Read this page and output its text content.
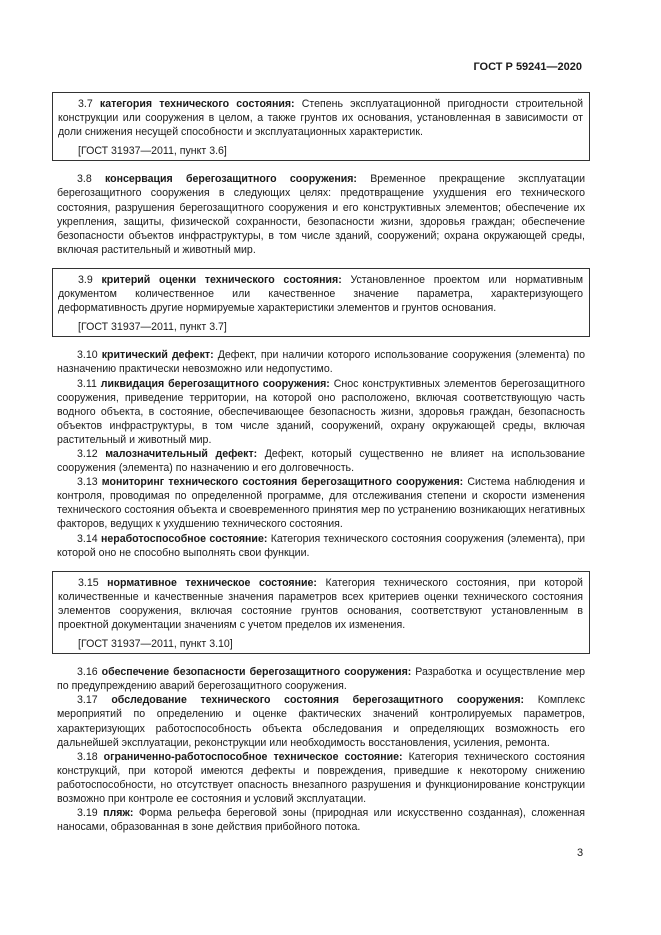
ГОСТ Р 59241—2020

3.7 категория технического состояния: Степень эксплуатационной пригодности строительной конструкции или сооружения в целом, а также грунтов их основания, установленная в зависимости от доли снижения несущей способности и эксплуатационных характеристик.

[ГОСТ 31937—2011, пункт 3.6]

3.8 консервация берегозащитного сооружения: Временное прекращение эксплуатации берегозащитного сооружения в следующих целях: предотвращение ухудшения его технического состояния, разрушения берегозащитного сооружения и его конструктивных элементов; обеспечение их укрепления, защиты, физической сохранности, безопасности жизни, здоровья граждан; обеспечение безопасности объектов инфраструктуры, в том числе зданий, сооружений; охрана окружающей среды, включая растительный и животный мир.

3.9 критерий оценки технического состояния: Установленное проектом или нормативным документом количественное или качественное значение параметра, характеризующего деформативность другие нормируемые характеристики элементов и грунтов основания.

[ГОСТ 31937—2011, пункт 3.7]

3.10 критический дефект: Дефект, при наличии которого использование сооружения (элемента) по назначению практически невозможно или недопустимо.

3.11 ликвидация берегозащитного сооружения: Снос конструктивных элементов берегозащитного сооружения, приведение территории, на которой оно расположено, включая соответствующую часть водного объекта, в состояние, обеспечивающее безопасность жизни, здоровья граждан, безопасность объектов инфраструктуры, в том числе зданий, сооружений, охрану окружающей среды, включая растительный и животный мир.

3.12 малозначительный дефект: Дефект, который существенно не влияет на использование сооружения (элемента) по назначению и его долговечность.

3.13 мониторинг технического состояния берегозащитного сооружения: Система наблюдения и контроля, проводимая по определенной программе, для отслеживания степени и скорости изменения технического состояния объекта и своевременного принятия мер по устранению возникающих негативных факторов, ведущих к ухудшению технического состояния.

3.14 неработоспособное состояние: Категория технического состояния сооружения (элемента), при которой оно не способно выполнять свои функции.

3.15 нормативное техническое состояние: Категория технического состояния, при которой количественные и качественные значения параметров всех критериев оценки технического состояния элементов сооружения, включая состояние грунтов основания, соответствуют установленным в проектной документации значениям с учетом пределов их изменения.

[ГОСТ 31937—2011, пункт 3.10]

3.16 обеспечение безопасности берегозащитного сооружения: Разработка и осуществление мер по предупреждению аварий берегозащитного сооружения.

3.17 обследование технического состояния берегозащитного сооружения: Комплекс мероприятий по определению и оценке фактических значений контролируемых параметров, характеризующих работоспособность объекта обследования и определяющих возможность его дальнейшей эксплуатации, реконструкции или необходимость восстановления, усиления, ремонта.

3.18 ограниченно-работоспособное техническое состояние: Категория технического состояния конструкций, при которой имеются дефекты и повреждения, приведшие к некоторому снижению работоспособности, но отсутствует опасность внезапного разрушения и функционирование конструкции возможно при контроле ее состояния и условий эксплуатации.

3.19 пляж: Форма рельефа береговой зоны (природная или искусственно созданная), сложенная наносами, образованная в зоне действия прибойного потока.

3
